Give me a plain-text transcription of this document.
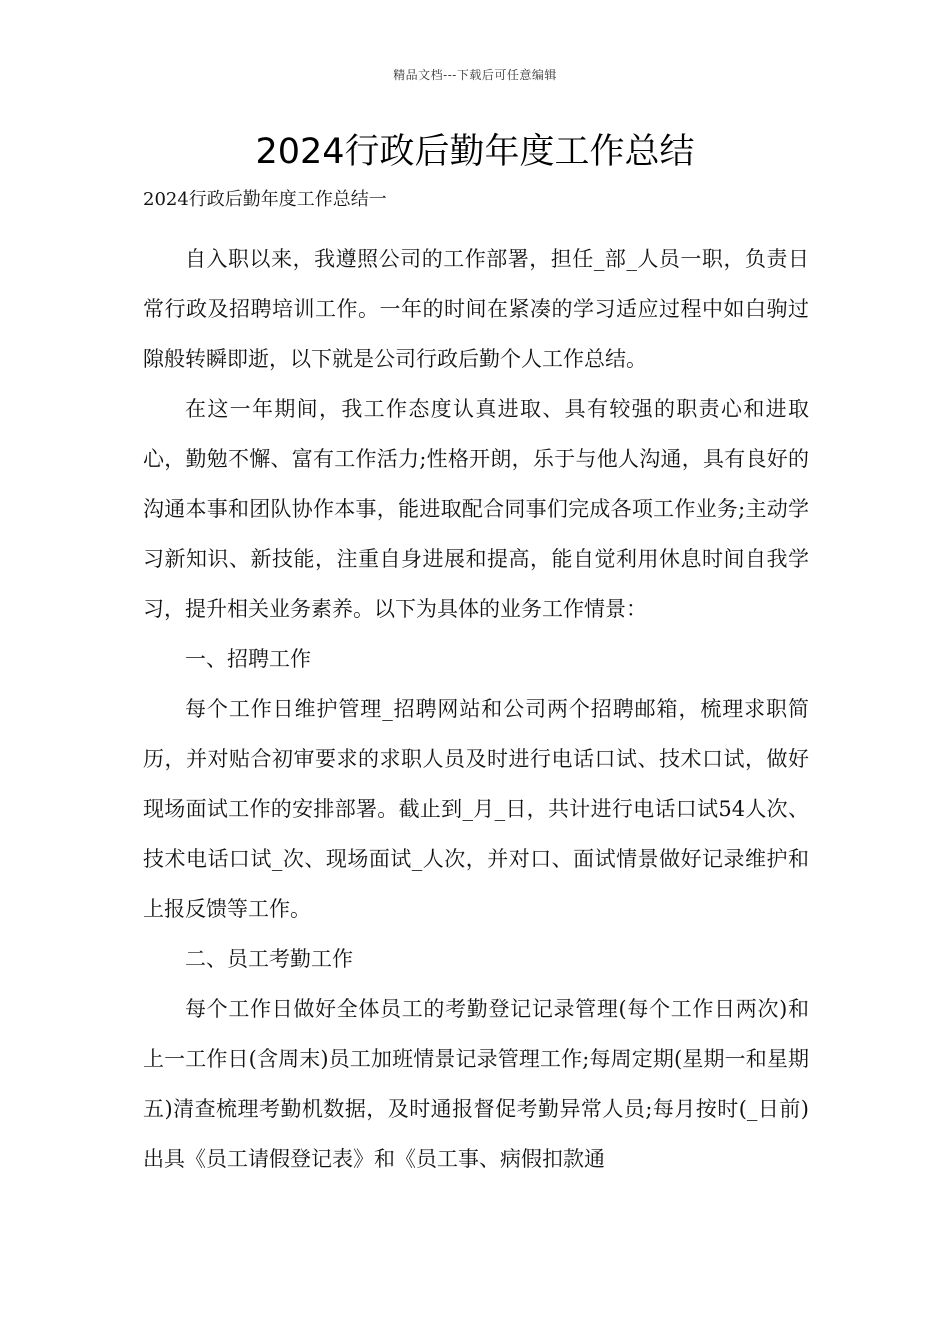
精品文档---下载后可任意编辑
2024行政后勤年度工作总结

2024行政后勤年度工作总结一

自入职以来，我遵照公司的工作部署，担任_部_人员一职，负责日常行政及招聘培训工作。一年的时间在紧凑的学习适应过程中如白驹过隙般转瞬即逝，以下就是公司行政后勤个人工作总结。

在这一年期间，我工作态度认真进取、具有较强的职责心和进取心，勤勉不懈、富有工作活力;性格开朗，乐于与他人沟通，具有良好的沟通本事和团队协作本事，能进取配合同事们完成各项工作业务;主动学习新知识、新技能，注重自身进展和提高，能自觉利用休息时间自我学习，提升相关业务素养。以下为具体的业务工作情景：

一、招聘工作

每个工作日维护管理_招聘网站和公司两个招聘邮箱，梳理求职简历，并对贴合初审要求的求职人员及时进行电话口试、技术口试，做好现场面试工作的安排部署。截止到_月_日，共计进行电话口试54人次、技术电话口试_次、现场面试_人次，并对口、面试情景做好记录维护和上报反馈等工作。

二、员工考勤工作

每个工作日做好全体员工的考勤登记记录管理(每个工作日两次)和上一工作日(含周末)员工加班情景记录管理工作;每周定期(星期一和星期五)清查梳理考勤机数据，及时通报督促考勤异常人员;每月按时(_日前)出具《员工请假登记表》和《员工事、病假扣款通
